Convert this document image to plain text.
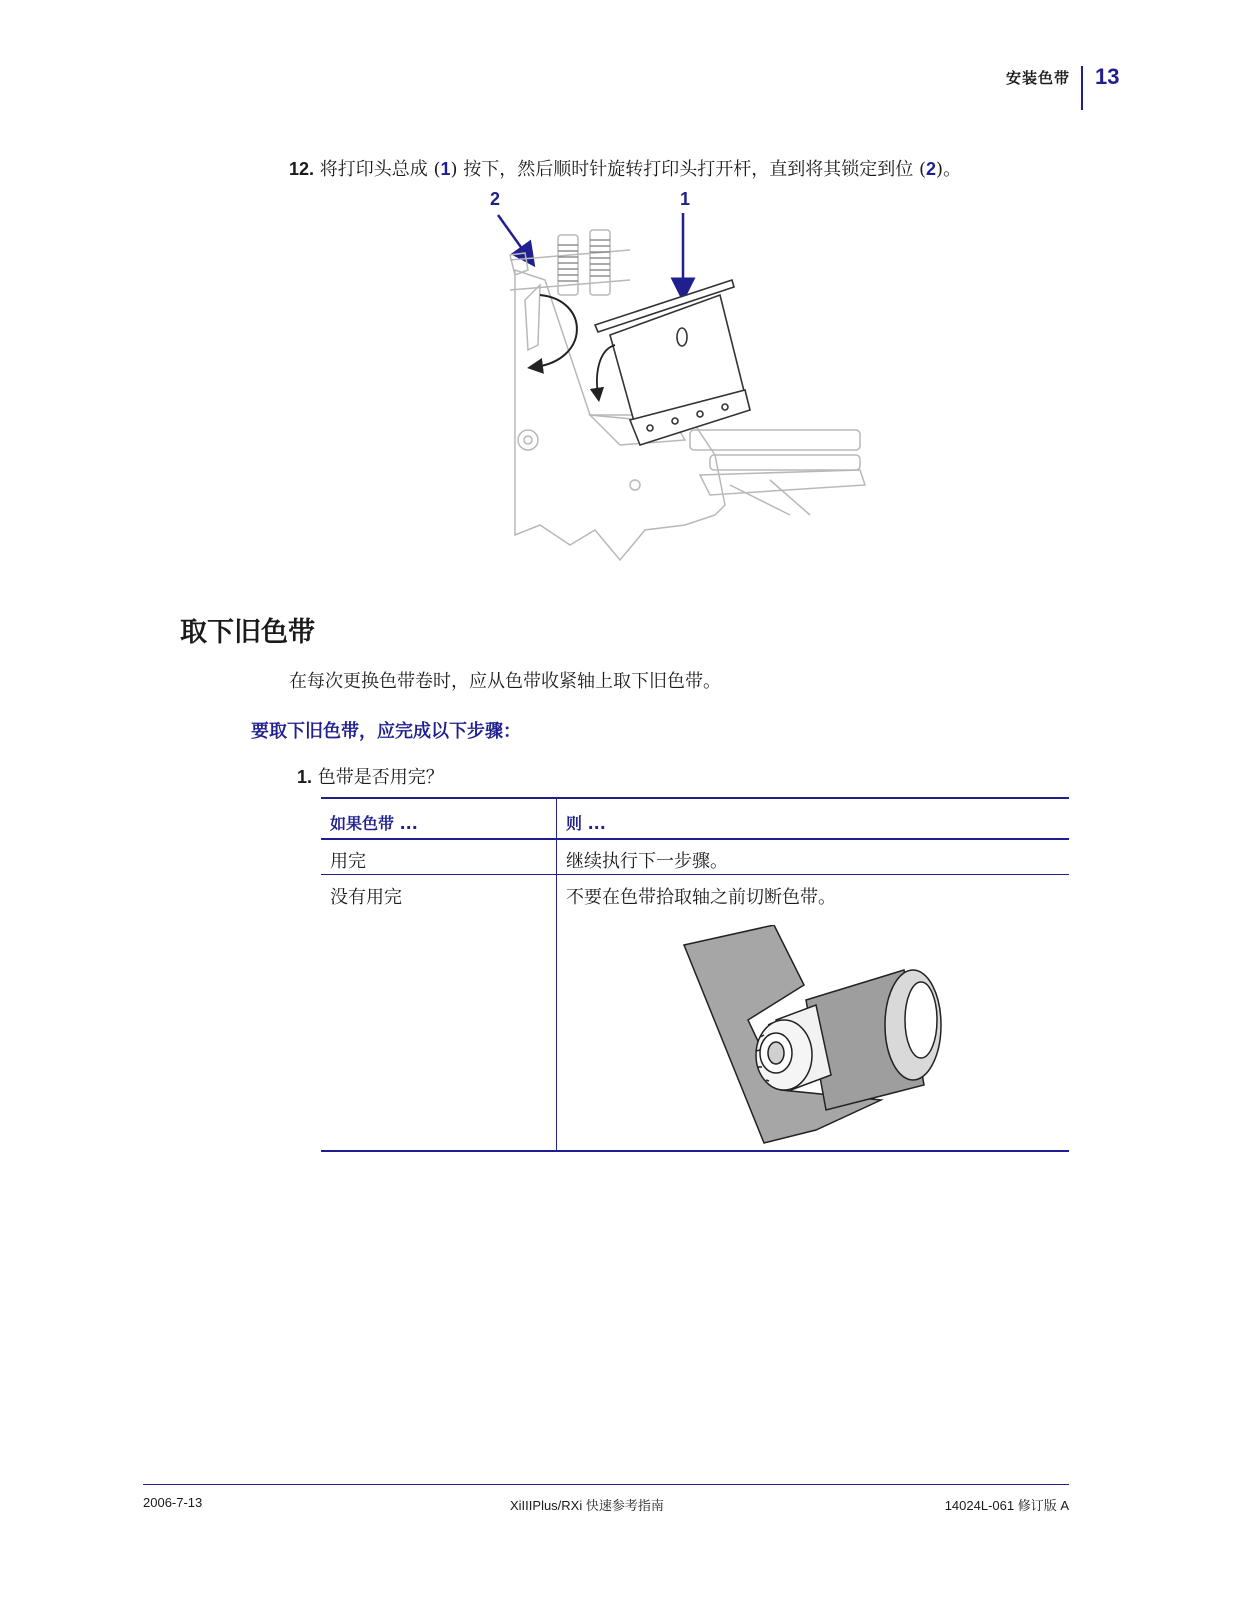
安装色带 13
12. 将打印头总成 (1) 按下，然后顺时针旋转打印头打开杆，直到将其锁定到位 (2)。
2	1
取下旧色带
在每次更换色带卷时，应从色带收紧轴上取下旧色带。
要取下旧色带，应完成以下步骤：
1. 色带是否用完？
如果色带 ...	则 ...
用完	继续执行下一步骤。
没有用完	不要在色带拾取轴之前切断色带。
2006-7-13	XiIIIPlus/RXi 快速参考指南	14024L-061 修订版 A
